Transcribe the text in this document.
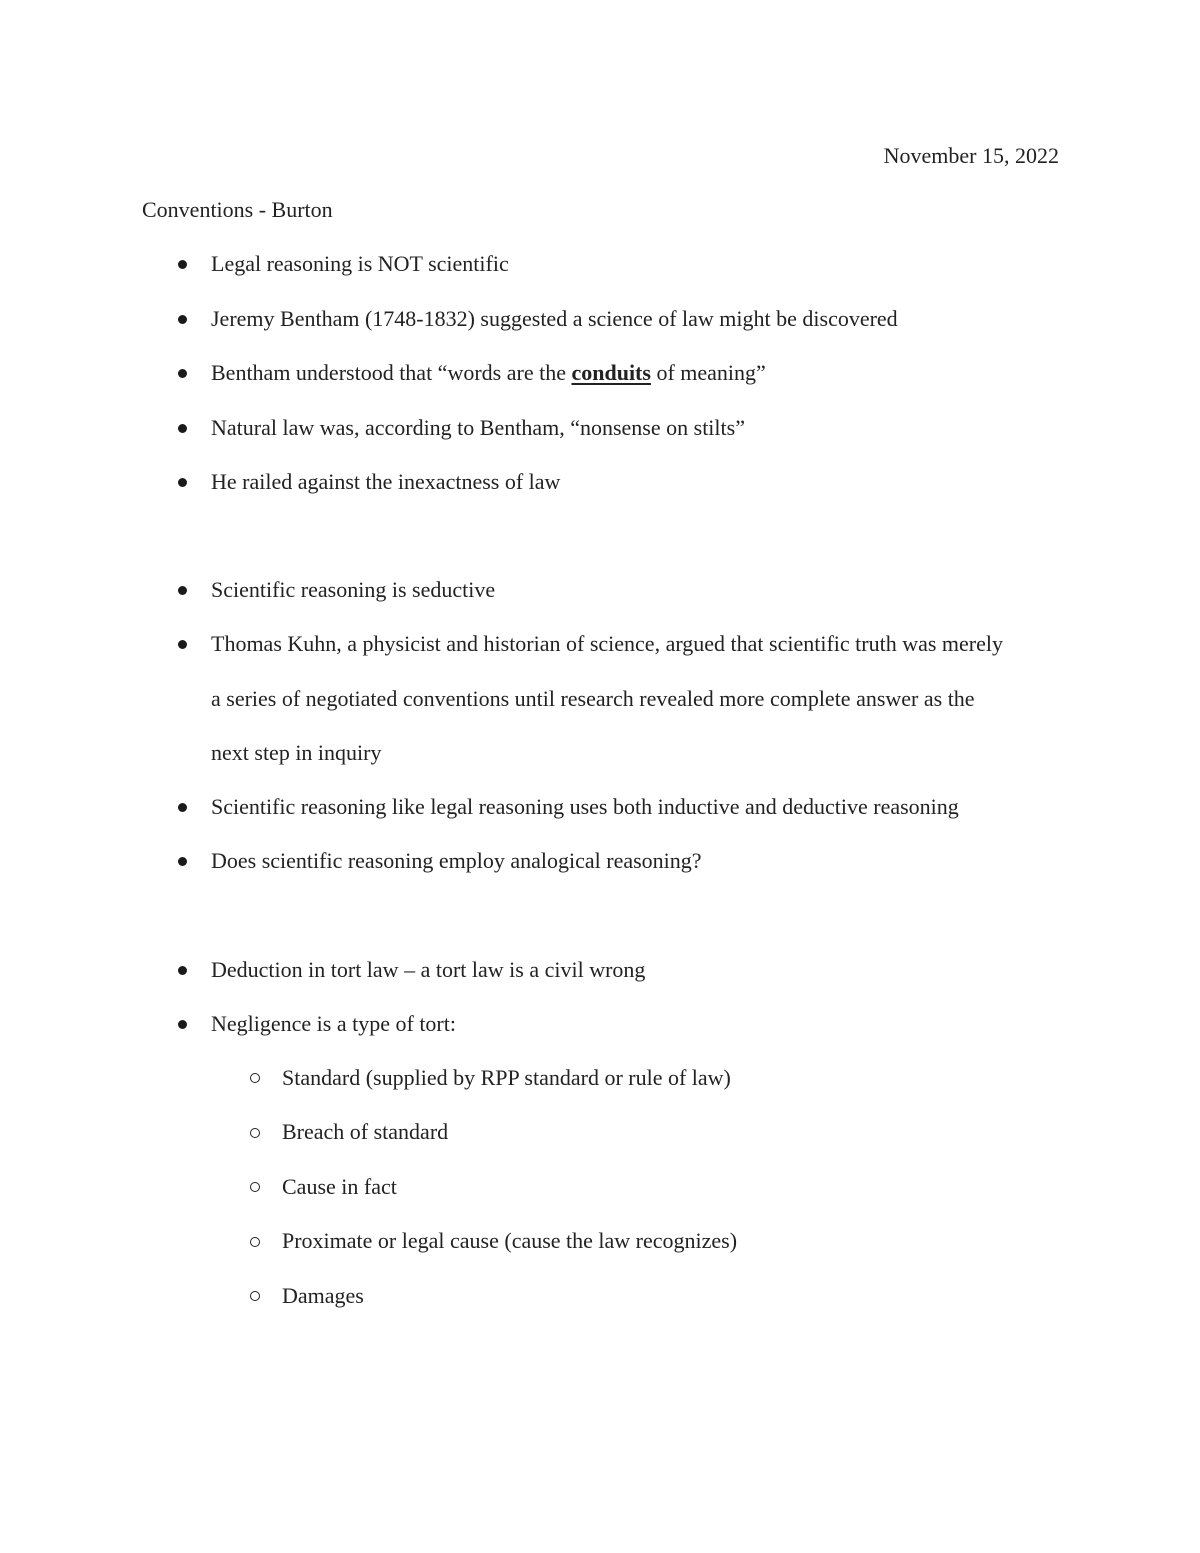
November 15, 2022
Conventions - Burton
Legal reasoning is NOT scientific
Jeremy Bentham (1748-1832) suggested a science of law might be discovered
Bentham understood that “words are the conduits of meaning”
Natural law was, according to Bentham, “nonsense on stilts”
He railed against the inexactness of law
Scientific reasoning is seductive
Thomas Kuhn, a physicist and historian of science, argued that scientific truth was merely
a series of negotiated conventions until research revealed more complete answer as the
next step in inquiry
Scientific reasoning like legal reasoning uses both inductive and deductive reasoning
Does scientific reasoning employ analogical reasoning?
Deduction in tort law – a tort law is a civil wrong
Negligence is a type of tort:
Standard (supplied by RPP standard or rule of law)
Breach of standard
Cause in fact
Proximate or legal cause (cause the law recognizes)
Damages
